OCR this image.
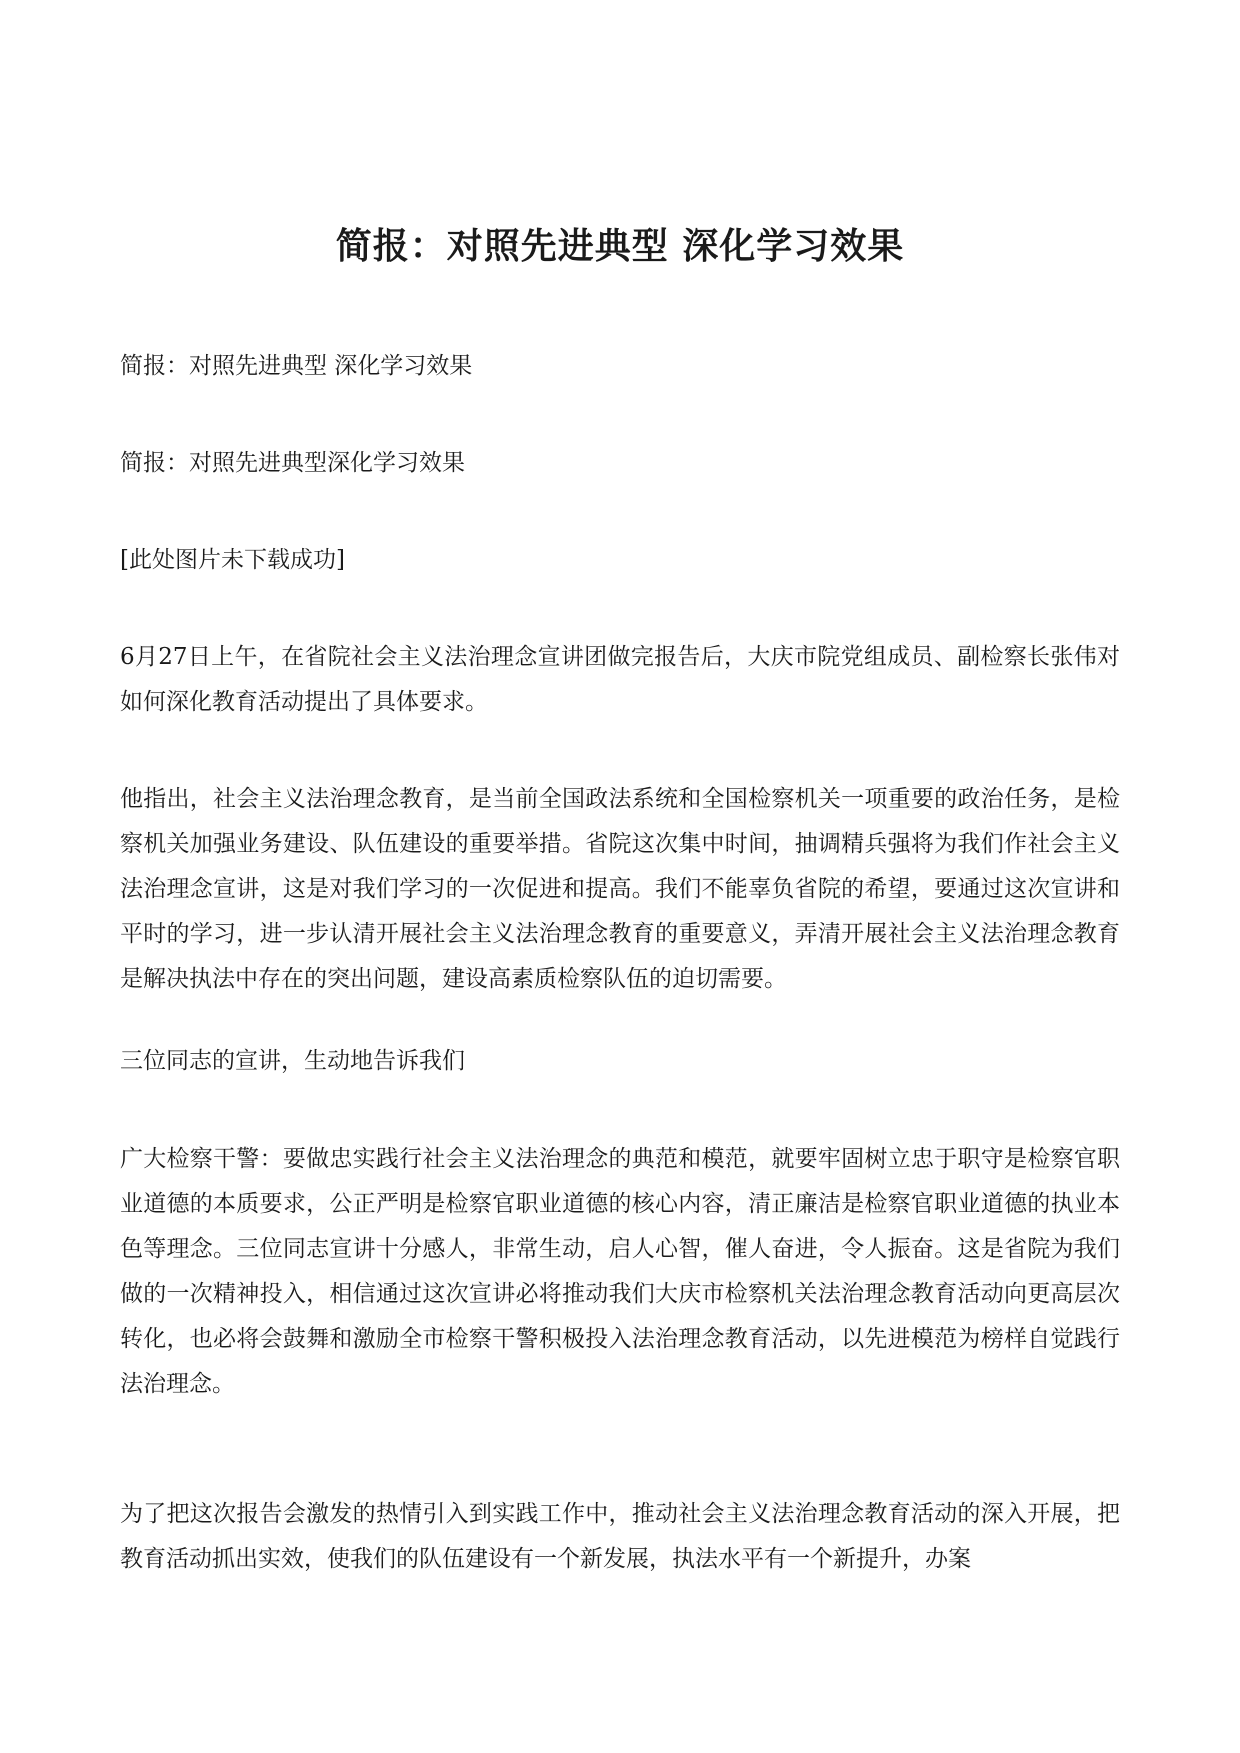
简报：对照先进典型 深化学习效果

简报：对照先进典型 深化学习效果

简报：对照先进典型深化学习效果

[此处图片未下载成功]

6月27日上午，在省院社会主义法治理念宣讲团做完报告后，大庆市院党组成员、副检察长张伟对如何深化教育活动提出了具体要求。

他指出，社会主义法治理念教育，是当前全国政法系统和全国检察机关一项重要的政治任务，是检察机关加强业务建设、队伍建设的重要举措。省院这次集中时间，抽调精兵强将为我们作社会主义法治理念宣讲，这是对我们学习的一次促进和提高。我们不能辜负省院的希望，要通过这次宣讲和平时的学习，进一步认清开展社会主义法治理念教育的重要意义，弄清开展社会主义法治理念教育是解决执法中存在的突出问题，建设高素质检察队伍的迫切需要。

三位同志的宣讲，生动地告诉我们

广大检察干警：要做忠实践行社会主义法治理念的典范和模范，就要牢固树立忠于职守是检察官职业道德的本质要求，公正严明是检察官职业道德的核心内容，清正廉洁是检察官职业道德的执业本色等理念。三位同志宣讲十分感人，非常生动，启人心智，催人奋进，令人振奋。这是省院为我们做的一次精神投入，相信通过这次宣讲必将推动我们大庆市检察机关法治理念教育活动向更高层次转化，也必将会鼓舞和激励全市检察干警积极投入法治理念教育活动，以先进模范为榜样自觉践行法治理念。

为了把这次报告会激发的热情引入到实践工作中，推动社会主义法治理念教育活动的深入开展，把教育活动抓出实效，使我们的队伍建设有一个新发展，执法水平有一个新提升，办案
